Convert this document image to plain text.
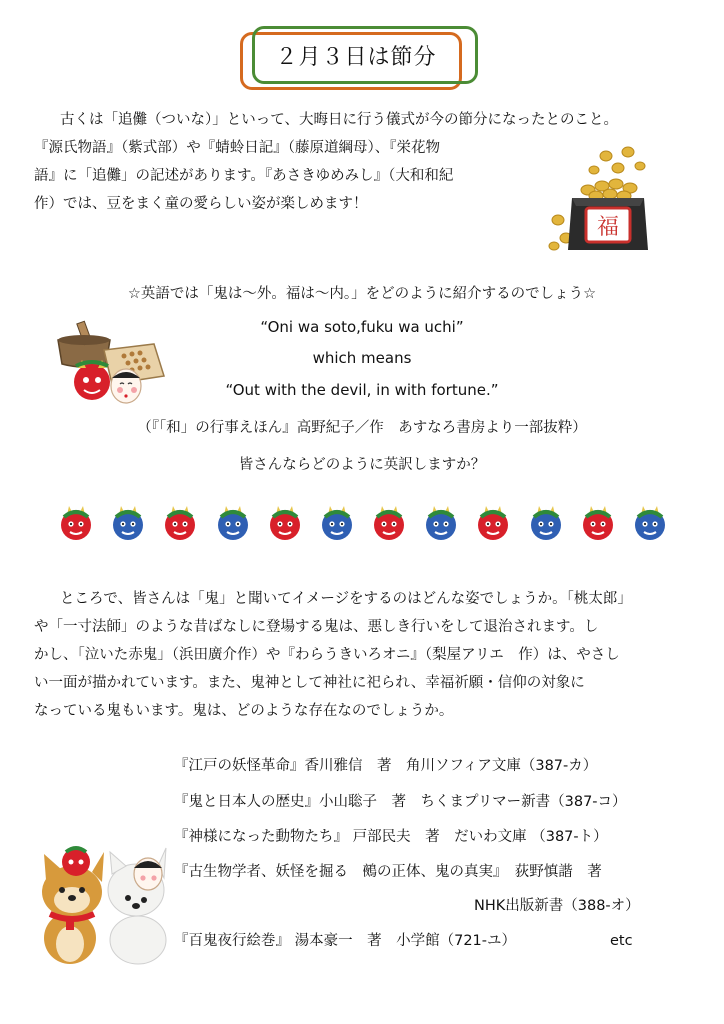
２月３日は節分
古くは「追儺（ついな）」といって、大晦日に行う儀式が今の節分になったとのこと。
『源氏物語』（紫式部）や『蜻蛉日記』（藤原道綱母）、『栄花物
語』に「追儺」の記述があります。『あさきゆめみし』（大和和紀
作）では、豆をまく童の愛らしい姿が楽しめます！
福
☆英語では「鬼は～外。福は～内。」をどのように紹介するのでしょう☆
“Oni wa soto,fuku wa uchi”
which means
“Out with the devil, in with fortune.”
（『「和」の行事えほん』高野紀子／作　あすなろ書房より一部抜粋）
皆さんならどのように英訳しますか？
ところで、皆さんは「鬼」と聞いてイメージをするのはどんな姿でしょうか。「桃太郎」
や「一寸法師」のような昔ばなしに登場する鬼は、悪しき行いをして退治されます。し
かし、「泣いた赤鬼」（浜田廣介作）や『わらうきいろオニ』（梨屋アリエ　作）は、やさし
い一面が描かれています。また、鬼神として神社に祀られ、幸福祈願・信仰の対象に
なっている鬼もいます。鬼は、どのような存在なのでしょうか。
『江戸の妖怪革命』香川雅信　著　角川ソフィア文庫（387-カ）
『鬼と日本人の歴史』小山聡子　著　ちくまプリマー新書（387-コ）
『神様になった動物たち』 戸部民夫　著　だいわ文庫 （387-ト）
『古生物学者、妖怪を掘る　鵺の正体、鬼の真実』　荻野慎諧　著
NHK出版新書（388-オ）
『百鬼夜行絵巻』 湯本豪一　著　小学館（721-ユ）	etc
